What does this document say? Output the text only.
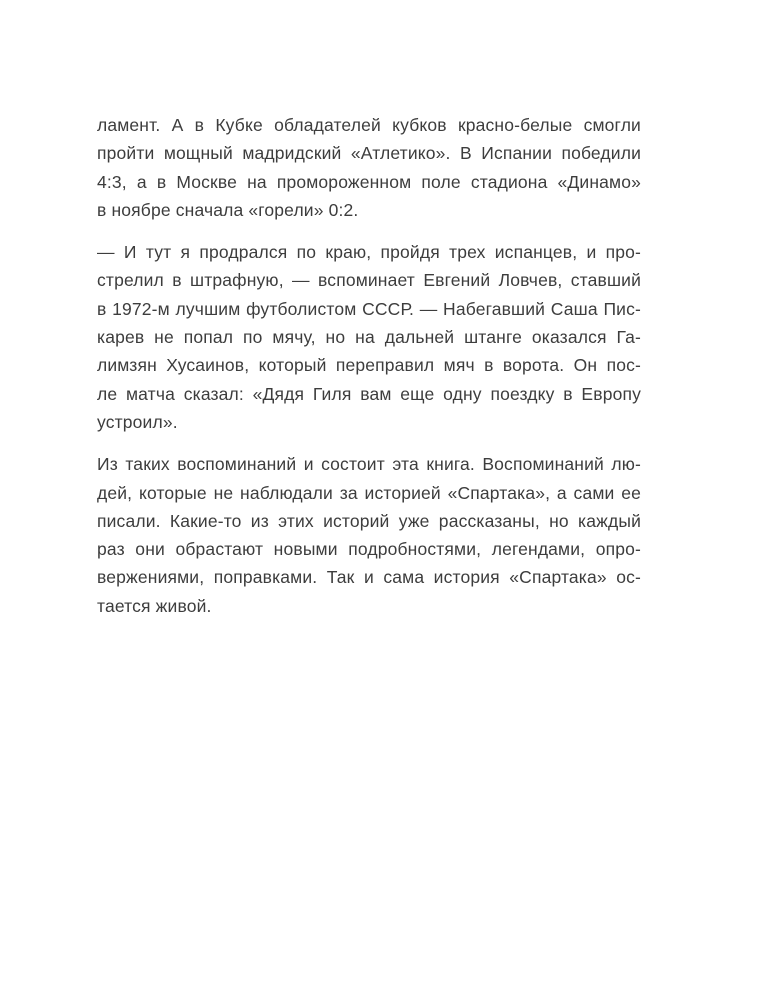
ламент. А в Кубке обладателей кубков красно-белые смогли
пройти мощный мадридский «Атлетико». В Испании победили
4:3, а в Москве на промороженном поле стадиона «Динамо»
в ноябре сначала «горели» 0:2.
— И тут я продрался по краю, пройдя трех испанцев, и про-
стрелил в штрафную, — вспоминает Евгений Ловчев, ставший
в 1972-м лучшим футболистом СССР. — Набегавший Саша Пис-
карев не попал по мячу, но на дальней штанге оказался Га-
лимзян Хусаинов, который переправил мяч в ворота. Он пос-
ле матча сказал: «Дядя Гиля вам еще одну поездку в Европу
устроил».
Из таких воспоминаний и состоит эта книга. Воспоминаний лю-
дей, которые не наблюдали за историей «Спартака», а сами ее
писали. Какие-то из этих историй уже рассказаны, но каждый
раз они обрастают новыми подробностями, легендами, опро-
вержениями, поправками. Так и сама история «Спартака» ос-
тается живой.
